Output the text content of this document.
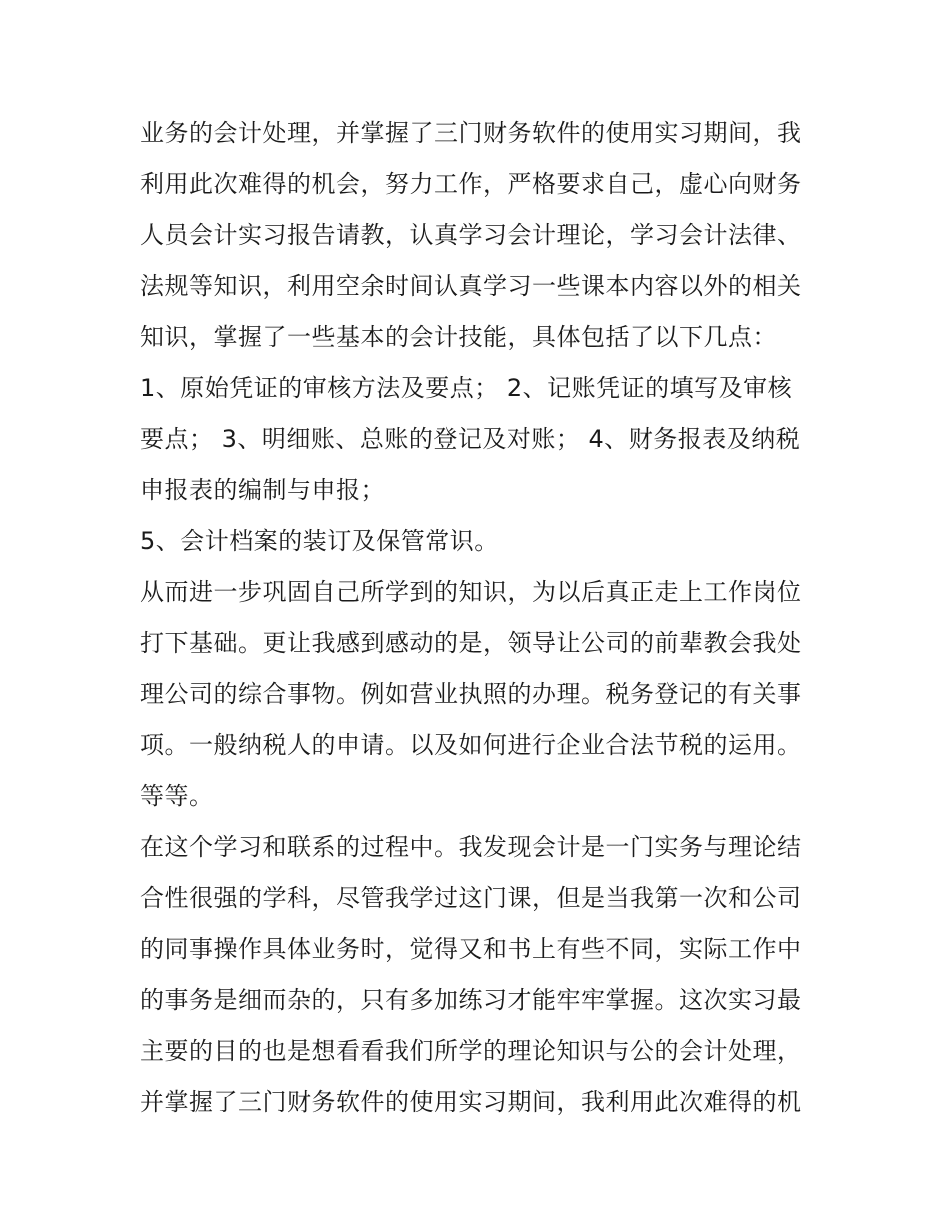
业务的会计处理，并掌握了三门财务软件的使用实习期间，我
利用此次难得的机会，努力工作，严格要求自己，虚心向财务
人员会计实习报告请教，认真学习会计理论，学习会计法律、
法规等知识，利用空余时间认真学习一些课本内容以外的相关
知识，掌握了一些基本的会计技能，具体包括了以下几点：
1、原始凭证的审核方法及要点； 2、记账凭证的填写及审核
要点； 3、明细账、总账的登记及对账； 4、财务报表及纳税
申报表的编制与申报；
5、会计档案的装订及保管常识。
从而进一步巩固自己所学到的知识，为以后真正走上工作岗位
打下基础。更让我感到感动的是，领导让公司的前辈教会我处
理公司的综合事物。例如营业执照的办理。税务登记的有关事
项。一般纳税人的申请。以及如何进行企业合法节税的运用。
等等。
在这个学习和联系的过程中。我发现会计是一门实务与理论结
合性很强的学科，尽管我学过这门课，但是当我第一次和公司
的同事操作具体业务时，觉得又和书上有些不同，实际工作中
的事务是细而杂的，只有多加练习才能牢牢掌握。这次实习最
主要的目的也是想看看我们所学的理论知识与公的会计处理，
并掌握了三门财务软件的使用实习期间，我利用此次难得的机
